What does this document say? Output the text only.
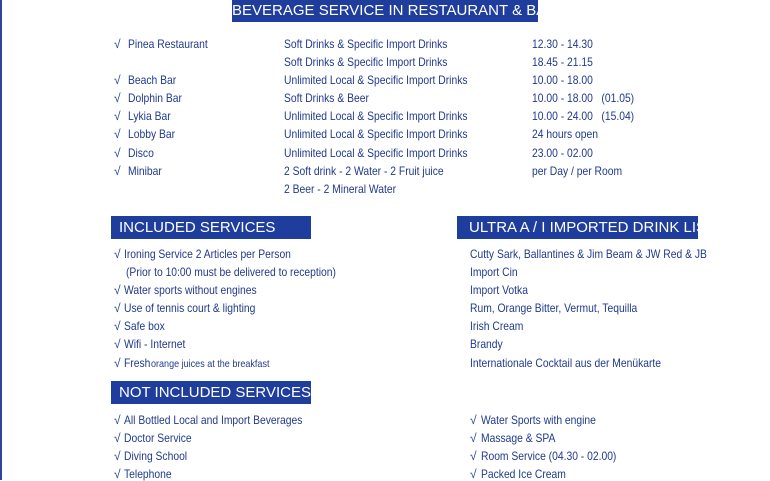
BEVERAGE SERVICE IN RESTAURANT & BARS
√ Pinea Restaurant	Soft Drinks & Specific Import Drinks	12.30 - 14.30
Soft Drinks & Specific Import Drinks	18.45 - 21.15
√ Beach Bar	Unlimited Local & Specific Import Drinks	10.00 - 18.00
√ Dolphin Bar	Soft Drinks & Beer	10.00 - 18.00   (01.05)
√ Lykia Bar	Unlimited Local & Specific Import Drinks	10.00 - 24.00   (15.04)
√ Lobby Bar	Unlimited Local & Specific Import Drinks	24 hours open
√ Disco	Unlimited Local & Specific Import Drinks	23.00 - 02.00
√ Minibar	2 Soft drink - 2 Water - 2 Fruit juice	per Day / per Room
2 Beer - 2 Mineral Water
INCLUDED SERVICES
√ Ironing Service 2 Articles per Person
(Prior to 10:00 must be delivered to reception)
√ Water sports without engines
√ Use of tennis court & lighting
√ Safe box
√ Wifi - Internet
√ Fresh orange juices at the breakfast
ULTRA A / I IMPORTED DRINK LIST
Cutty Sark, Ballantines & Jim Beam & JW Red & JB
Import Cin
Import Votka
Rum, Orange Bitter, Vermut, Tequilla
Irish Cream
Brandy
Internationale Cocktail aus der Menükarte
NOT INCLUDED SERVICES
√ All Bottled Local and Import Beverages
√ Doctor Service
√ Diving School
√ Telephone
√ Water Sports with engine
√ Massage & SPA
√ Room Service (04.30 - 02.00)
√ Packed Ice Cream
